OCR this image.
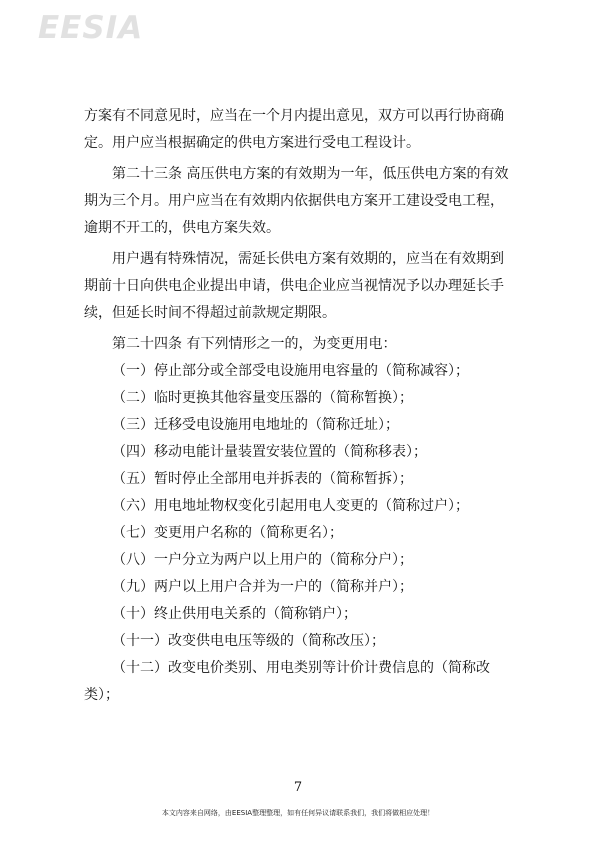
EESIA

方案有不同意见时，应当在一个月内提出意见，双方可以再行协商确定。用户应当根据确定的供电方案进行受电工程设计。

第二十三条 高压供电方案的有效期为一年，低压供电方案的有效期为三个月。用户应当在有效期内依据供电方案开工建设受电工程，逾期不开工的，供电方案失效。

用户遇有特殊情况，需延长供电方案有效期的，应当在有效期到期前十日向供电企业提出申请，供电企业应当视情况予以办理延长手续，但延长时间不得超过前款规定期限。

第二十四条 有下列情形之一的，为变更用电：

（一）停止部分或全部受电设施用电容量的（简称减容）；

（二）临时更换其他容量变压器的（简称暂换）；

（三）迁移受电设施用电地址的（简称迁址）；

（四）移动电能计量装置安装位置的（简称移表）；

（五）暂时停止全部用电并拆表的（简称暂拆）；

（六）用电地址物权变化引起用电人变更的（简称过户）；

（七）变更用户名称的（简称更名）；

（八）一户分立为两户以上用户的（简称分户）；

（九）两户以上用户合并为一户的（简称并户）；

（十）终止供用电关系的（简称销户）；

（十一）改变供电电压等级的（简称改压）；

（十二）改变电价类别、用电类别等计价计费信息的（简称改类）；

7
本文内容来自网络，由EESIA整理整理，如有任何异议请联系我们，我们将做相应处理！
